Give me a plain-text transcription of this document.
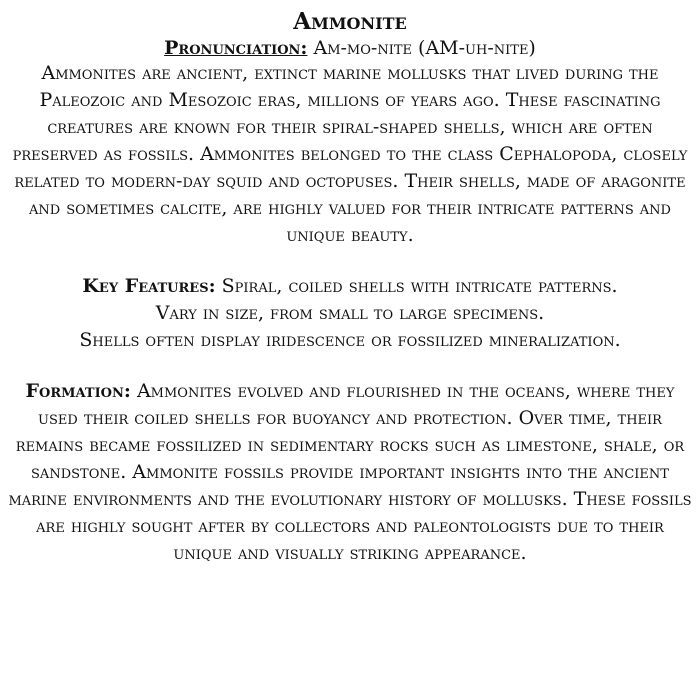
Ammonite

Pronunciation: Am-mo-nite (AM-uh-nite)

Ammonites are ancient, extinct marine mollusks that lived during the Paleozoic and Mesozoic eras, millions of years ago. These fascinating creatures are known for their spiral-shaped shells, which are often preserved as fossils. Ammonites belonged to the class Cephalopoda, closely related to modern-day squid and octopuses. Their shells, made of aragonite and sometimes calcite, are highly valued for their intricate patterns and unique beauty.

Key Features: Spiral, coiled shells with intricate patterns.
Vary in size, from small to large specimens.
Shells often display iridescence or fossilized mineralization.

Formation: Ammonites evolved and flourished in the oceans, where they used their coiled shells for buoyancy and protection. Over time, their remains became fossilized in sedimentary rocks such as limestone, shale, or sandstone. Ammonite fossils provide important insights into the ancient marine environments and the evolutionary history of mollusks. These fossils are highly sought after by collectors and paleontologists due to their unique and visually striking appearance.
